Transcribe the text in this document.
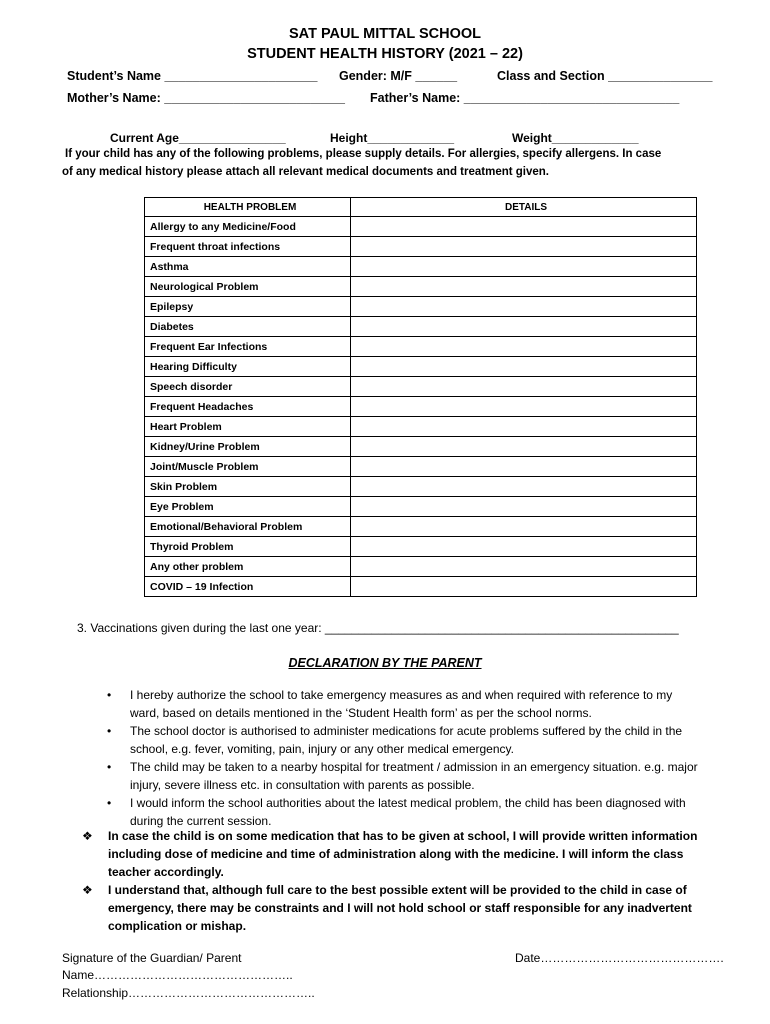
SAT PAUL MITTAL SCHOOL
STUDENT HEALTH HISTORY (2021 – 22)
Student’s Name ______________________ Gender: M/F ______	Class and Section _______________
Mother’s Name: __________________________ Father’s Name: _______________________________
Current Age________________	Height_____________	Weight_____________
If your child has any of the following problems, please supply details. For allergies, specify allergens. In case
of any medical history please attach all relevant medical documents and treatment given.
HEALTH PROBLEM	DETAILS
Allergy to any Medicine/Food	
Frequent throat infections	
Asthma	
Neurological Problem	
Epilepsy	
Diabetes	
Frequent Ear Infections	
Hearing Difficulty	
Speech disorder	
Frequent Headaches	
Heart Problem	
Kidney/Urine Problem	
Joint/Muscle Problem	
Skin Problem	
Eye Problem	
Emotional/Behavioral Problem	
Thyroid Problem	
Any other problem	
COVID – 19 Infection	
3. Vaccinations given during the last one year: _____________________________________________________
DECLARATION BY THE PARENT
• I hereby authorize the school to take emergency measures as and when required with reference to my ward, based on details mentioned in the ‘Student Health form’ as per the school norms.
• The school doctor is authorised to administer medications for acute problems suffered by the child in the school, e.g. fever, vomiting, pain, injury or any other medical emergency.
• The child may be taken to a nearby hospital for treatment / admission in an emergency situation. e.g. major injury, severe illness etc. in consultation with parents as possible.
• I would inform the school authorities about the latest medical problem, the child has been diagnosed with during the current session.
❖ In case the child is on some medication that has to be given at school, I will provide written information including dose of medicine and time of administration along with the medicine. I will inform the class teacher accordingly.
❖ I understand that, although full care to the best possible extent will be provided to the child in case of emergency, there may be constraints and I will not hold school or staff responsible for any inadvertent complication or mishap.
Signature of the Guardian/ Parent	Date……………………………………….
Name…………………………………………..
Relationship………………………………………..
